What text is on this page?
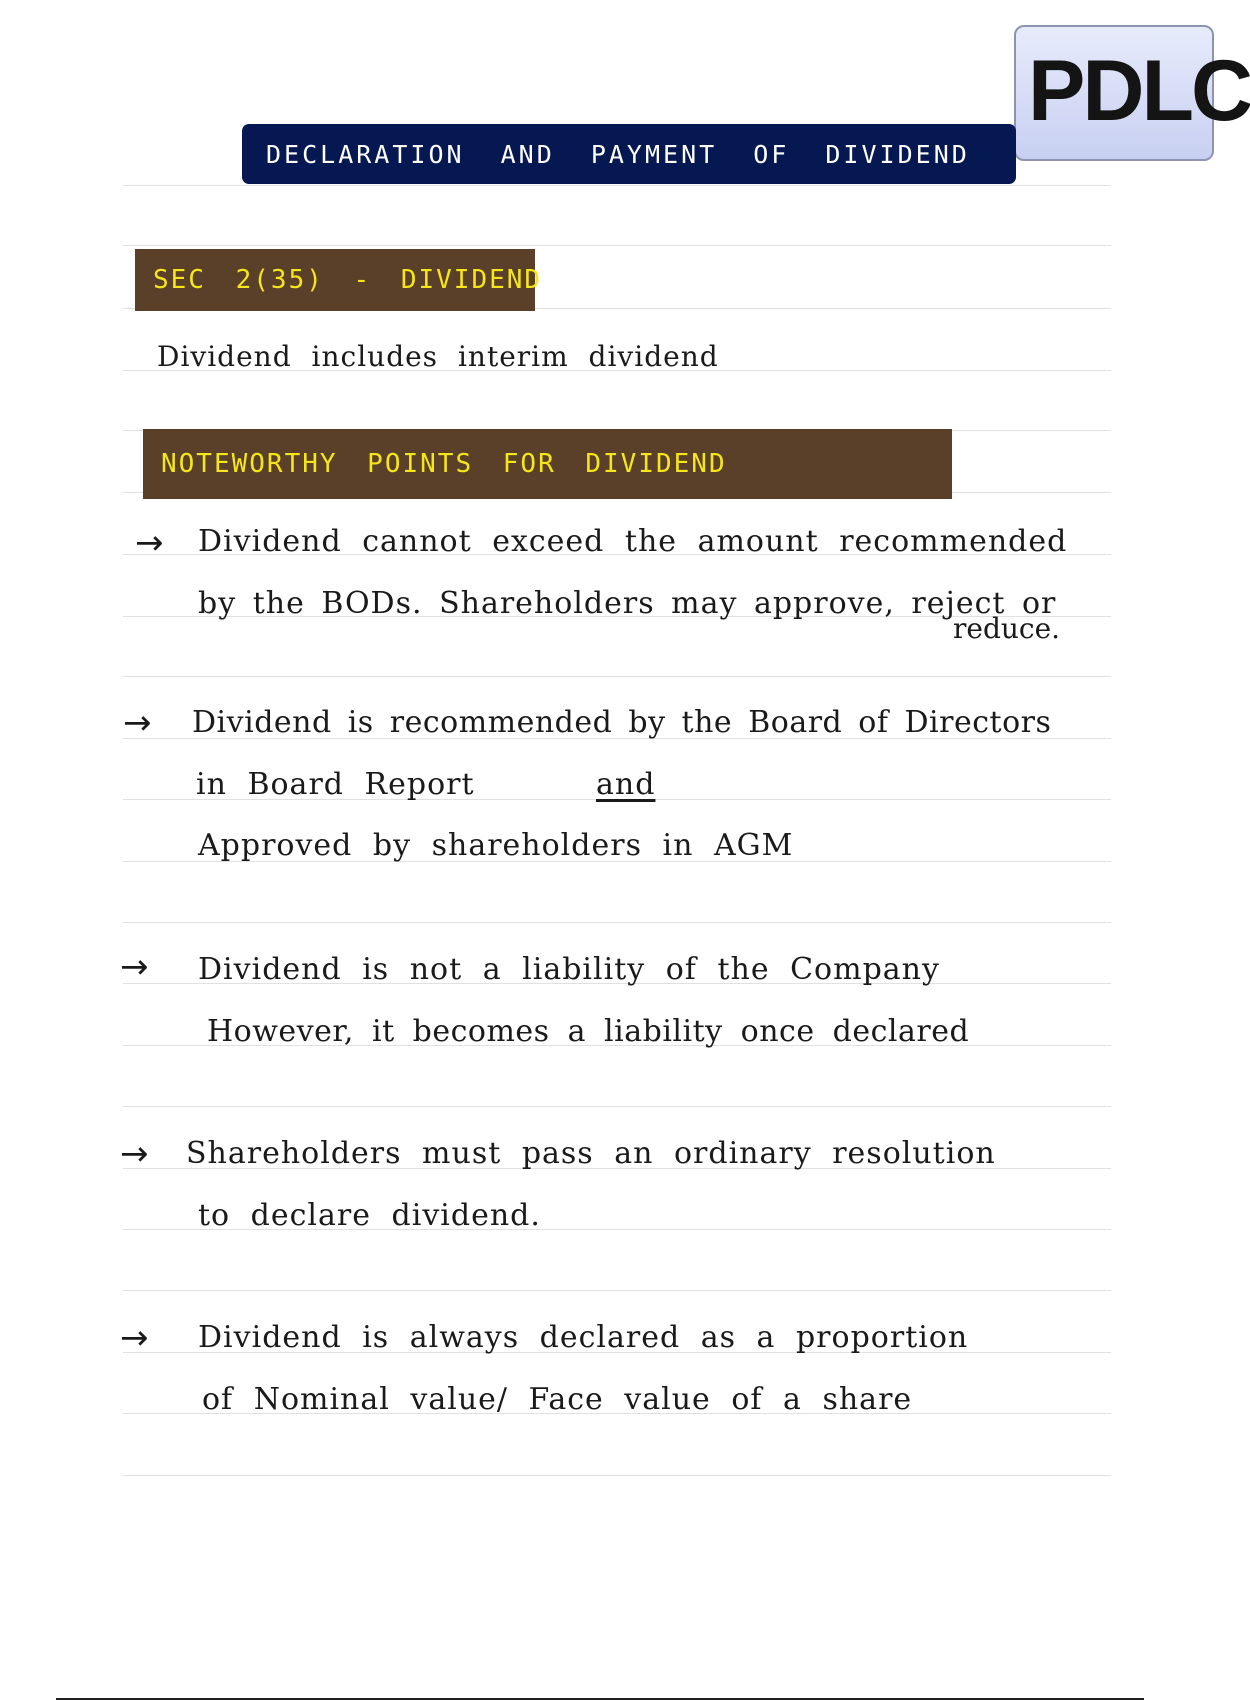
PDLC
DECLARATION AND PAYMENT OF DIVIDEND
SEC 2(35) - DIVIDEND
Dividend includes interim dividend
NOTEWORTHY POINTS FOR DIVIDEND
→ Dividend cannot exceed the amount recommended
by the BODs. Shareholders may approve, reject or
reduce.
→ Dividend is recommended by the Board of Directors
in Board Report	and
Approved by shareholders in AGM
→ Dividend is not a liability of the Company
However, it becomes a liability once declared
→ Shareholders must pass an ordinary resolution
to declare dividend.
→ Dividend is always declared as a proportion
of Nominal value/ Face value of a share
